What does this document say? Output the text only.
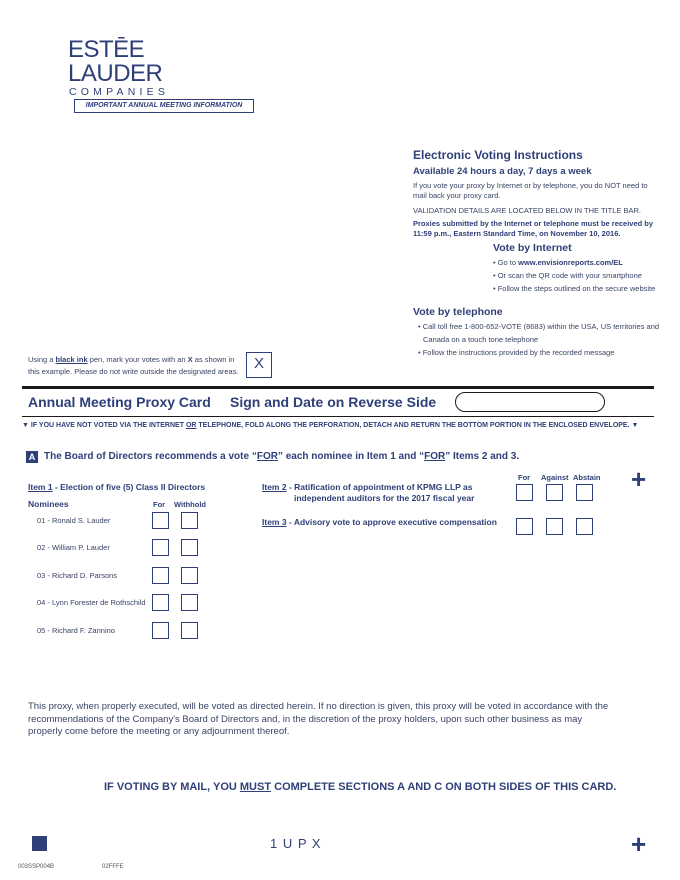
ESTĒE
LAUDER
COMPANIES
IMPORTANT ANNUAL MEETING INFORMATION
Electronic Voting Instructions
Available 24 hours a day, 7 days a week
If you vote your proxy by Internet or by telephone, you do NOT need to mail back your proxy card.
VALIDATION DETAILS ARE LOCATED BELOW IN THE TITLE BAR.
Proxies submitted by the Internet or telephone must be received by 11:59 p.m., Eastern Standard Time, on November 10, 2016.
Vote by Internet
• Go to www.envisionreports.com/EL
• Or scan the QR code with your smartphone
• Follow the steps outlined on the secure website
Vote by telephone
• Call toll free 1-800-652-VOTE (8683) within the USA, US territories and
Canada on a touch tone telephone
• Follow the instructions provided by the recorded message
Using a black ink pen, mark your votes with an X as shown in
this example. Please do not write outside the designated areas.	X
Annual Meeting Proxy Card Sign and Date on Reverse Side
▼ IF YOU HAVE NOT VOTED VIA THE INTERNET OR TELEPHONE, FOLD ALONG THE PERFORATION, DETACH AND RETURN THE BOTTOM PORTION IN THE ENCLOSED ENVELOPE. ▼
A The Board of Directors recommends a vote “FOR” each nominee in Item 1 and “FOR” Items 2 and 3.
Item 1 - Election of five (5) Class II Directors
Nominees	For Withhold
01 - Ronald S. Lauder
02 - William P. Lauder
03 - Richard D. Parsons
04 - Lynn Forester de Rothschild
05 - Richard F. Zannino
Item 2 - Ratification of appointment of KPMG LLP as
independent auditors for the 2017 fiscal year
Item 3 - Advisory vote to approve executive compensation
For Against Abstain +
This proxy, when properly executed, will be voted as directed herein. If no direction is given, this proxy will be voted in accordance with the recommendations of the Company's Board of Directors and, in the discretion of the proxy holders, upon such other business as may properly come before the meeting or any adjournment thereof.
IF VOTING BY MAIL, YOU MUST COMPLETE SECTIONS A AND C ON BOTH SIDES OF THIS CARD.
1 U P X	+
003SSP004B	02FFFE
